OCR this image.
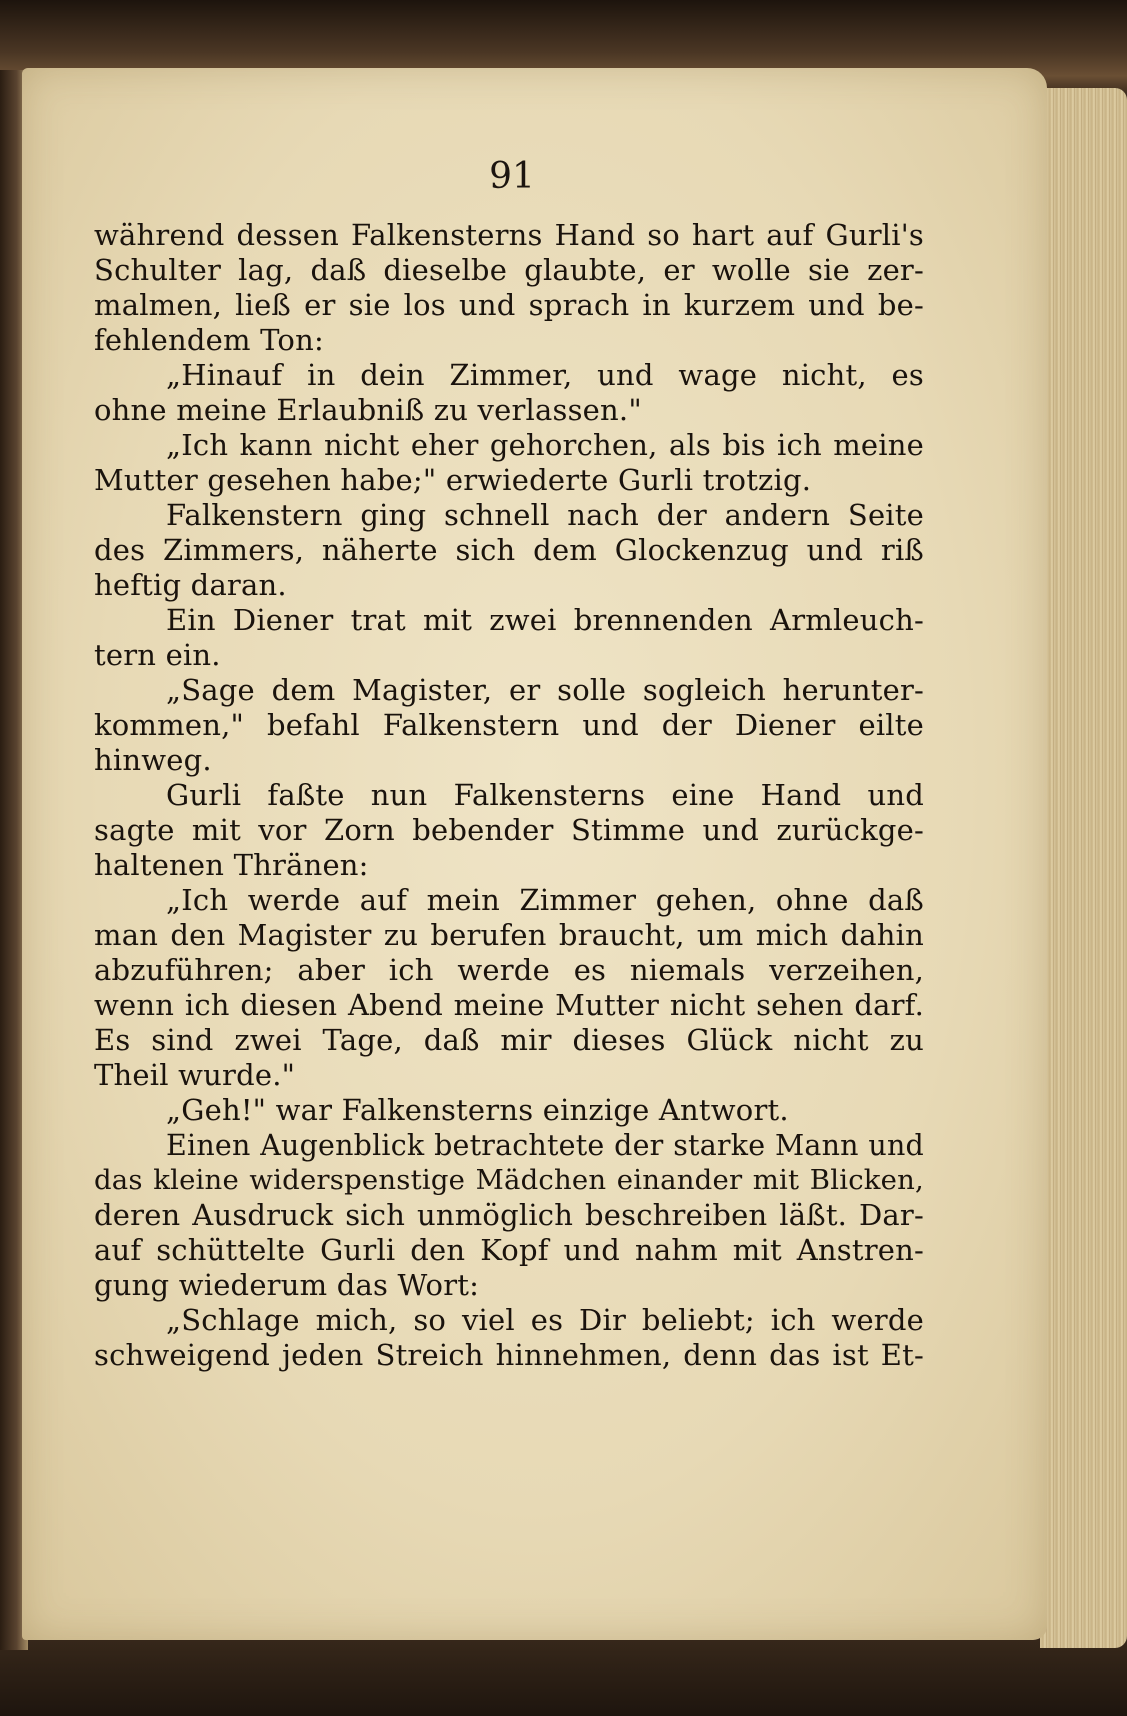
91
während dessen Falkensterns Hand so hart auf Gurli's
Schulter lag, daß dieselbe glaubte, er wolle sie zer-
malmen, ließ er sie los und sprach in kurzem und be-
fehlendem Ton:
„Hinauf in dein Zimmer, und wage nicht, es
ohne meine Erlaubniß zu verlassen."
„Ich kann nicht eher gehorchen, als bis ich meine
Mutter gesehen habe;" erwiederte Gurli trotzig.
Falkenstern ging schnell nach der andern Seite
des Zimmers, näherte sich dem Glockenzug und riß
heftig daran.
Ein Diener trat mit zwei brennenden Armleuch-
tern ein.
„Sage dem Magister, er solle sogleich herunter-
kommen," befahl Falkenstern und der Diener eilte
hinweg.
Gurli faßte nun Falkensterns eine Hand und
sagte mit vor Zorn bebender Stimme und zurückge-
haltenen Thränen:
„Ich werde auf mein Zimmer gehen, ohne daß
man den Magister zu berufen braucht, um mich dahin
abzuführen; aber ich werde es niemals verzeihen,
wenn ich diesen Abend meine Mutter nicht sehen darf.
Es sind zwei Tage, daß mir dieses Glück nicht zu
Theil wurde."
„Geh!" war Falkensterns einzige Antwort.
Einen Augenblick betrachtete der starke Mann und
das kleine widerspenstige Mädchen einander mit Blicken,
deren Ausdruck sich unmöglich beschreiben läßt. Dar-
auf schüttelte Gurli den Kopf und nahm mit Anstren-
gung wiederum das Wort:
„Schlage mich, so viel es Dir beliebt; ich werde
schweigend jeden Streich hinnehmen, denn das ist Et-
